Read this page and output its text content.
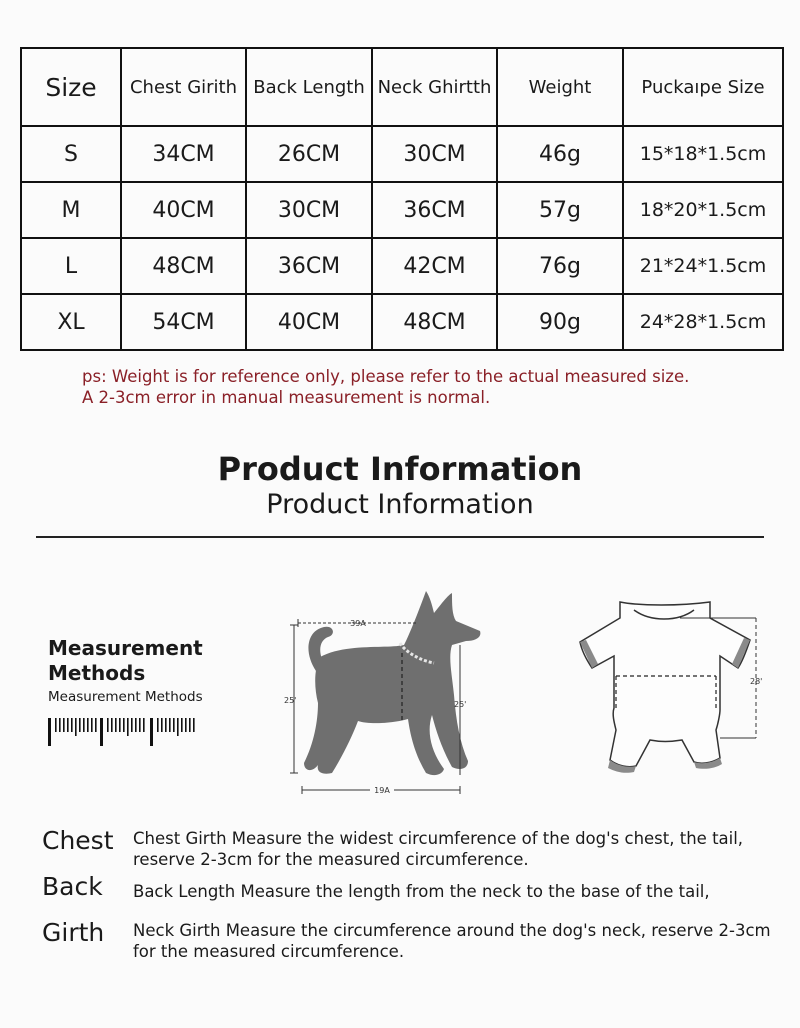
Size	Chest Girith	Back Length	Neck Ghirtth	Weight	Puckaıpe Size
S	34CM	26CM	30CM	46g	15*18*1.5cm
M	40CM	30CM	36CM	57g	18*20*1.5cm
L	48CM	36CM	42CM	76g	21*24*1.5cm
XL	54CM	40CM	48CM	90g	24*28*1.5cm
ps: Weight is for reference only, please refer to the actual measured size.
A 2-3cm error in manual measurement is normal.
Product Information
Product Information
Measurement Methods
Measurement Methods
39A
25'	25'
19A
28'
Chest Chest Girth Measure the widest circumference of the dog's chest, the tail, reserve 2-3cm for the measured circumference.
Back Back Length Measure the length from the neck to the base of the tail,
Girth Neck Girth Measure the circumference around the dog's neck, reserve 2-3cm for the measured circumference.
